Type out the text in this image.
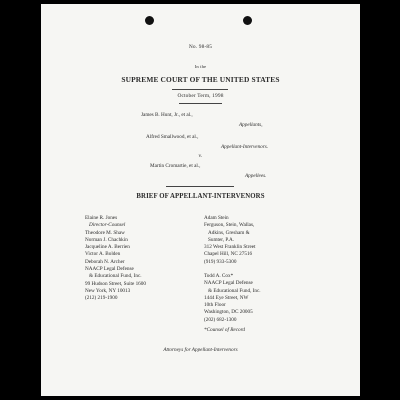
No. 98-85
In the
SUPREME COURT OF THE UNITED STATES
October Term, 1998
James B. Hunt, Jr., et al.,
Appellants,
Alfred Smallwood, et al.,
Appellant-Intervenors.
v.
Martin Cromartie, et al.,
Appellees.
BRIEF OF APPELLANT-INTERVENORS
Elaine R. Jones
Director-Counsel
Theodore M. Shaw
Norman J. Chachkin
Jacqueline A. Berrien
Victor A. Bolden
Deborah N. Archer
NAACP Legal Defense
& Educational Fund, Inc.
99 Hudson Street, Suite 1600
New York, NY 10013
(212) 219-1900
Adam Stein
Ferguson, Stein, Wallas,
Adkins, Gresham &
Sumter, P.A.
312 West Franklin Street
Chapel Hill, NC 27516
(919) 933-5300
Todd A. Cox*
NAACP Legal Defense
& Educational Fund, Inc.
1444 Eye Street, NW
10th Floor
Washington, DC 20005
(202) 682-1300
*Counsel of Record
Attorneys for Appellant-Intervenors
